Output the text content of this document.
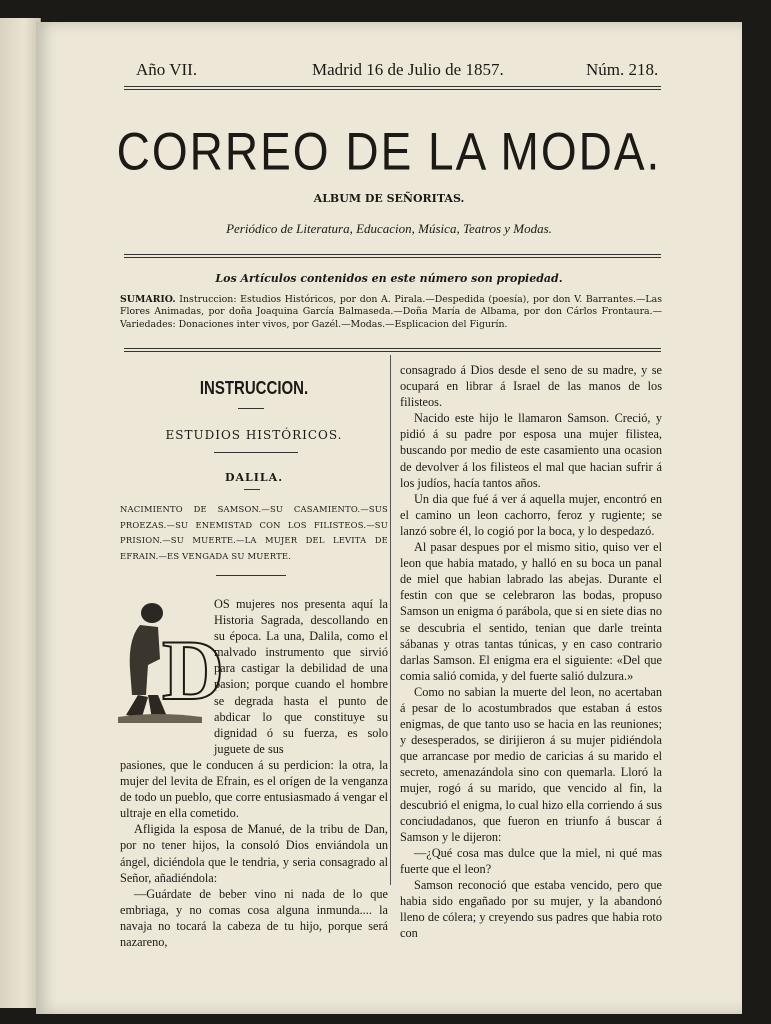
Año VII.	Madrid 16 de Julio de 1857.	Núm. 218.
CORREO DE LA MODA.
ALBUM DE SEÑORITAS.
Periódico de Literatura, Educacion, Música, Teatros y Modas.
Los Artículos contenidos en este número son propiedad.
SUMARIO. Instruccion: Estudios Históricos, por don A. Pirala.—Despedida (poesía), por don V. Barrantes.—Las Flores Animadas, por doña Joaquina García Balmaseda.—Doña María de Albama, por don Cárlos Frontaura.—Variedades: Donaciones inter vivos, por Gazél.—Modas.—Esplicacion del Figurín.
INSTRUCCION.
ESTUDIOS HISTÓRICOS.
DALILA.
NACIMIENTO DE SAMSON.—SU CASAMIENTO.—SUS PROEZAS.—SU ENEMISTAD CON LOS FILISTEOS.—SU PRISION.—SU MUERTE.—LA MUJER DEL LEVITA DE EFRAIN.—ES VENGADA SU MUERTE.
D
OS mujeres nos presenta aquí la Historia Sagrada, descollando en su época. La una, Dalila, como el malvado instrumento que sirvió para castigar la debilidad de una pasion; porque cuando el hombre se degrada hasta el punto de abdicar lo que constituye su dignidad ó su fuerza, es solo juguete de sus

pasiones, que le conducen á su perdicion: la otra, la mujer del levita de Efrain, es el orígen de la venganza de todo un pueblo, que corre entusiasmado á vengar el ultraje en ella cometido.

Afligida la esposa de Manué, de la tribu de Dan, por no tener hijos, la consoló Dios enviándola un ángel, diciéndola que le tendria, y seria consagrado al Señor, añadiéndola:

—Guárdate de beber vino ni nada de lo que embriaga, y no comas cosa alguna inmunda.... la navaja no tocará la cabeza de tu hijo, porque será nazareno,

consagrado á Dios desde el seno de su madre, y se ocupará en librar á Israel de las manos de los filisteos.

Nacido este hijo le llamaron Samson. Creció, y pidió á su padre por esposa una mujer filistea, buscando por medio de este casamiento una ocasion de devolver á los filisteos el mal que hacian sufrir á los judíos, hacía tantos años.

Un dia que fué á ver á aquella mujer, encontró en el camino un leon cachorro, feroz y rugiente; se lanzó sobre él, lo cogió por la boca, y lo despedazó.

Al pasar despues por el mismo sitio, quiso ver el leon que habia matado, y halló en su boca un panal de miel que habian labrado las abejas. Durante el festin con que se celebraron las bodas, propuso Samson un enigma ó parábola, que si en siete dias no se descubria el sentido, tenian que darle treinta sábanas y otras tantas túnicas, y en caso contrario darlas Samson. El enigma era el siguiente: «Del que comia salió comida, y del fuerte salió dulzura.»

Como no sabian la muerte del leon, no acertaban á pesar de lo acostumbrados que estaban á estos enigmas, de que tanto uso se hacia en las reuniones; y desesperados, se dirijieron á su mujer pidiéndola que arrancase por medio de caricias á su marido el secreto, amenazándola sino con quemarla. Lloró la mujer, rogó á su marido, que vencido al fin, la descubrió el enigma, lo cual hizo ella corriendo á sus conciudadanos, que fueron en triunfo á buscar á Samson y le dijeron:

—¿Qué cosa mas dulce que la miel, ni qué mas fuerte que el leon?

Samson reconoció que estaba vencido, pero que habia sido engañado por su mujer, y la abandonó lleno de cólera; y creyendo sus padres que habia roto con
